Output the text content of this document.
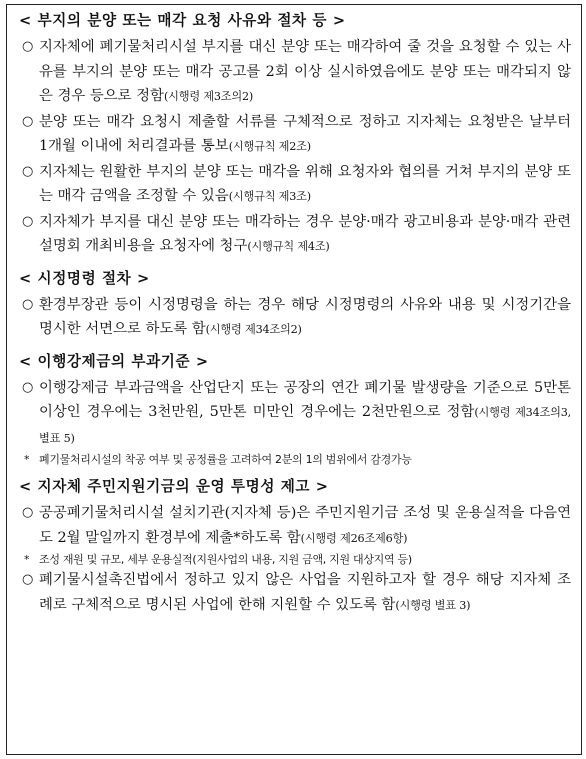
< 부지의 분양 또는 매각 요청 사유와 절차 등 >

○ 지자체에 폐기물처리시설 부지를 대신 분양 또는 매각하여 줄 것을 요청할 수 있는 사유를 부지의 분양 또는 매각 공고를 2회 이상 실시하였음에도 분양 또는 매각되지 않은 경우 등으로 정함(시행령 제3조의2)

○ 분양 또는 매각 요청시 제출할 서류를 구체적으로 정하고 지자체는 요청받은 날부터 1개월 이내에 처리결과를 통보(시행규칙 제2조)

○ 지자체는 원활한 부지의 분양 또는 매각을 위해 요청자와 협의를 거쳐 부지의 분양 또는 매각 금액을 조정할 수 있음(시행규칙 제3조)

○ 지자체가 부지를 대신 분양 또는 매각하는 경우 분양·매각 광고비용과 분양·매각 관련 설명회 개최비용을 요청자에 청구(시행규칙 제4조)

< 시정명령 절차 >

○ 환경부장관 등이 시정명령을 하는 경우 해당 시정명령의 사유와 내용 및 시정기간을 명시한 서면으로 하도록 함(시행령 제34조의2)

< 이행강제금의 부과기준 >

○ 이행강제금 부과금액을 산업단지 또는 공장의 연간 폐기물 발생량을 기준으로 5만톤 이상인 경우에는 3천만원, 5만톤 미만인 경우에는 2천만원으로 정함(시행령 제34조의3, 별표 5)

* 폐기물처리시설의 착공 여부 및 공정률을 고려하여 2분의 1의 범위에서 감경가능

< 지자체 주민지원기금의 운영 투명성 제고 >

○ 공공폐기물처리시설 설치기관(지자체 등)은 주민지원기금 조성 및 운용실적을 다음연도 2월 말일까지 환경부에 제출*하도록 함(시행령 제26조제6항)

* 조성 재원 및 규모, 세부 운용실적(지원사업의 내용, 지원 금액, 지원 대상지역 등)

○ 폐기물시설촉진법에서 정하고 있지 않은 사업을 지원하고자 할 경우 해당 지자체 조례로 구체적으로 명시된 사업에 한해 지원할 수 있도록 함(시행령 별표 3)
